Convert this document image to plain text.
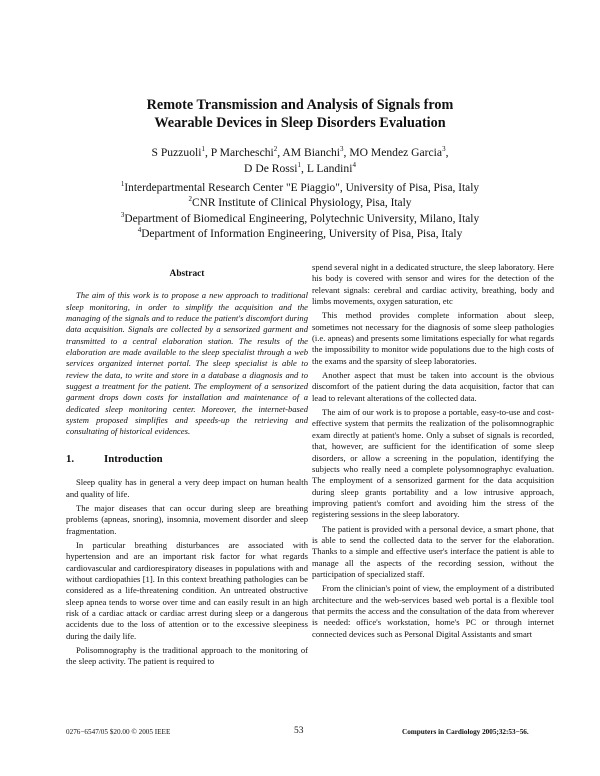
Remote Transmission and Analysis of Signals from
Wearable Devices in Sleep Disorders Evaluation
S Puzzuoli$^1$, P Marcheschi$^2$, AM Bianchi$^3$, MO Mendez Garcia$^3$,
D De Rossi$^1$, L Landini$^4$
$^1$Interdepartmental Research Center "E Piaggio", University of Pisa, Pisa, Italy
$^2$CNR Institute of Clinical Physiology, Pisa, Italy
$^3$Department of Biomedical Engineering, Polytechnic University, Milano, Italy
$^4$Department of Information Engineering, University of Pisa, Pisa, Italy
Abstract

The aim of this work is to propose a new approach to traditional sleep monitoring, in order to simplify the acquisition and the managing of the signals and to reduce the patient's discomfort during data acquisition. Signals are collected by a sensorized garment and transmitted to a central elaboration station. The results of the elaboration are made available to the sleep specialist through a web services organized internet portal. The sleep specialist is able to review the data, to write and store in a database a diagnosis and to suggest a treatment for the patient. The employment of a sensorized garment drops down costs for installation and maintenance of a dedicated sleep monitoring center. Moreover, the internet-based system proposed simplifies and speeds-up the retrieving and consultating of historical evidences.

1.	Introduction

Sleep quality has in general a very deep impact on human health and quality of life.

The major diseases that can occur during sleep are breathing problems (apneas, snoring), insomnia, movement disorder and sleep fragmentation.

In particular breathing disturbances are associated with hypertension and are an important risk factor for what regards cardiovascular and cardiorespiratory diseases in populations with and without cardiopathies [1]. In this context breathing pathologies can be considered as a life-threatening condition. An untreated obstructive sleep apnea tends to worse over time and can easily result in an high risk of a cardiac attack or cardiac arrest during sleep or a dangerous accidents due to the loss of attention or to the excessive sleepiness during the daily life.

Polisomnography is the traditional approach to the monitoring of the sleep activity. The patient is required to

spend several night in a dedicated structure, the sleep laboratory. Here his body is covered with sensor and wires for the detection of the relevant signals: cerebral and cardiac activity, breathing, body and limbs movements, oxygen saturation, etc

This method provides complete information about sleep, sometimes not necessary for the diagnosis of some sleep pathologies (i.e. apneas) and presents some limitations especially for what regards the impossibility to monitor wide populations due to the high costs of the exams and the sparsity of sleep laboratories.

Another aspect that must be taken into account is the obvious discomfort of the patient during the data acquisition, factor that can lead to relevant alterations of the collected data.

The aim of our work is to propose a portable, easy-to-use and cost-effective system that permits the realization of the polisomnographic exam directly at patient's home. Only a subset of signals is recorded, that, however, are sufficient for the identification of some sleep disorders, or allow a screening in the population, identifying the subjects who really need a complete polysomnographyc evaluation. The employment of a sensorized garment for the data acquisition during sleep grants portability and a low intrusive approach, improving patient's comfort and avoiding him the stress of the registering sessions in the sleep laboratory.

The patient is provided with a personal device, a smart phone, that is able to send the collected data to the server for the elaboration. Thanks to a simple and effective user's interface the patient is able to manage all the aspects of the recording session, without the participation of specialized staff.

From the clinician's point of view, the employment of a distributed architecture and the web-services based web portal is a flexible tool that permits the access and the consultation of the data from wherever is needed: office's workstation, home's PC or through internet connected devices such as Personal Digital Assistants and smart

0276−6547/05 $20.00 © 2005 IEEE	53	Computers in Cardiology 2005;32:53−56.
